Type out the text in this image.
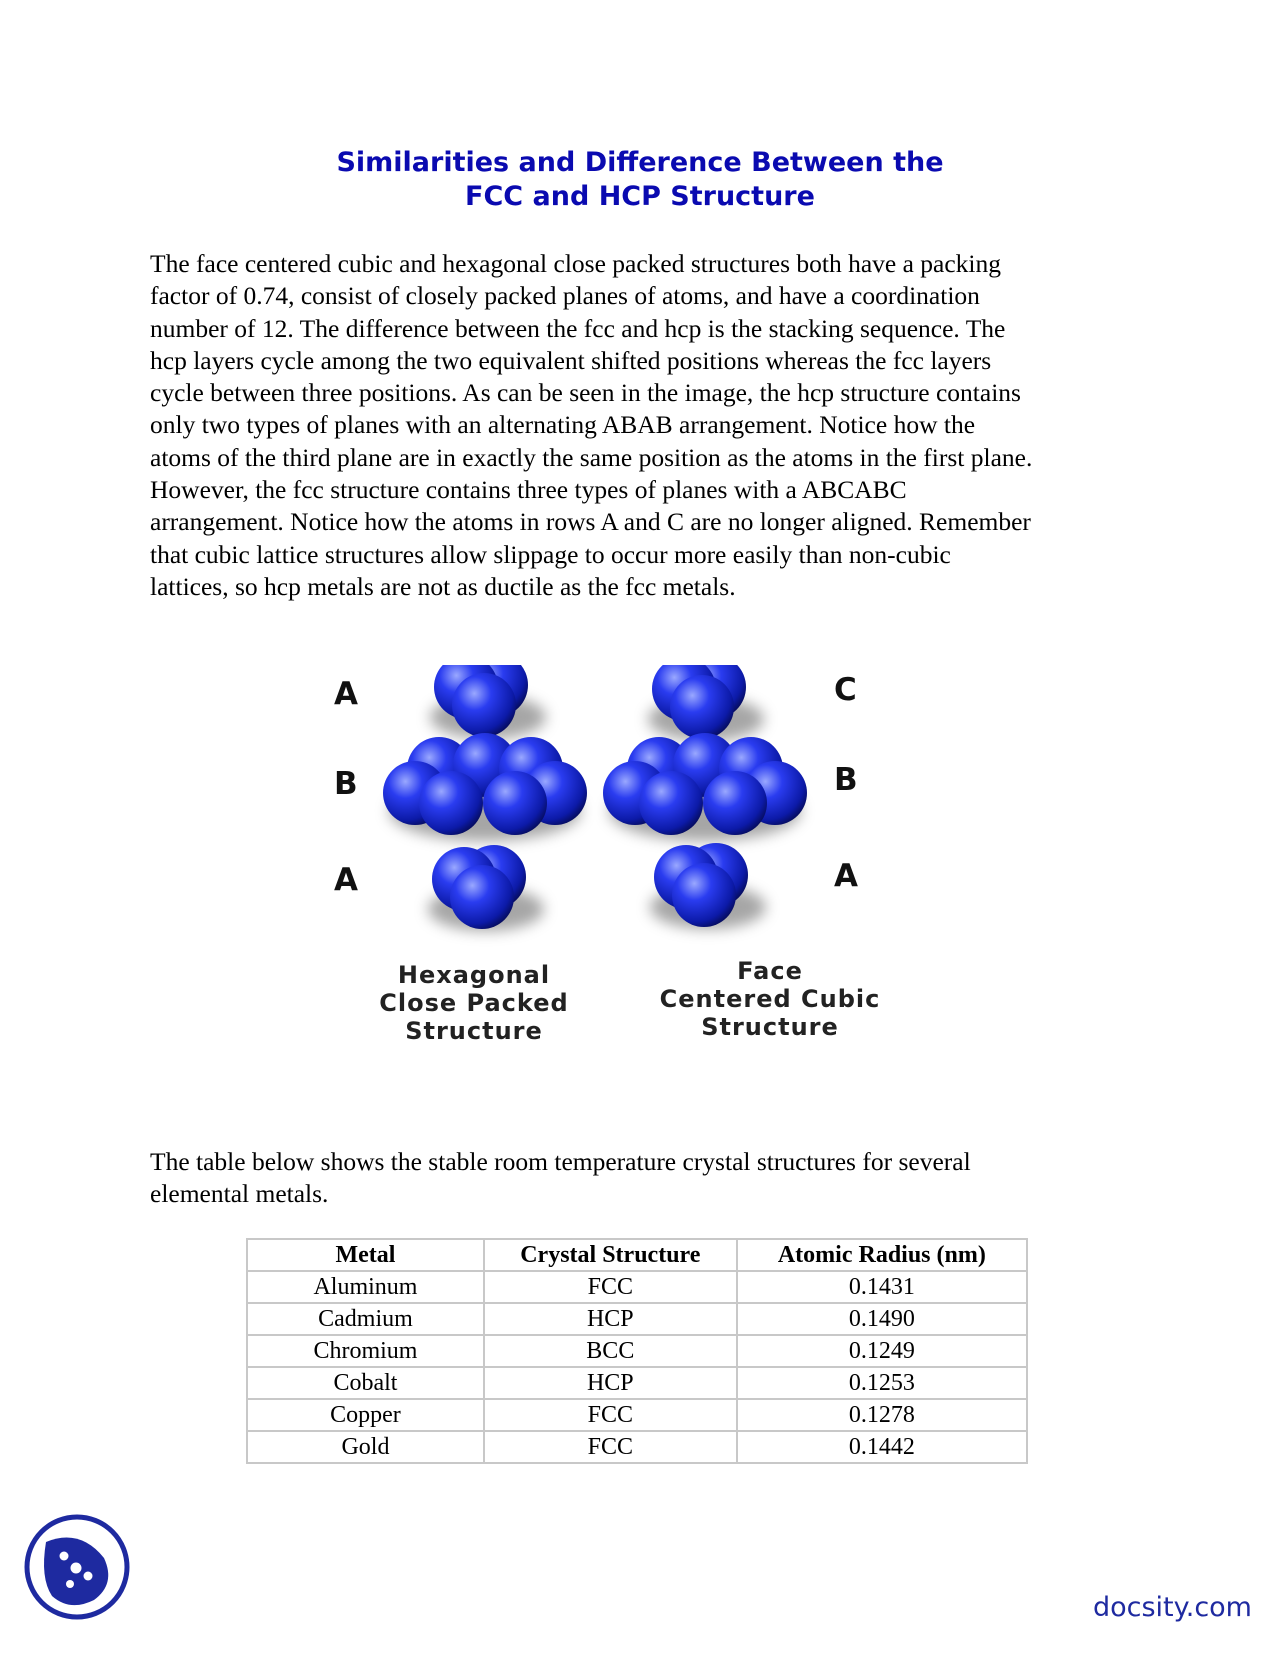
Similarities and Difference Between the
FCC and HCP Structure

The face centered cubic and hexagonal close packed structures both have a packing
factor of 0.74, consist of closely packed planes of atoms, and have a coordination
number of 12. The difference between the fcc and hcp is the stacking sequence. The
hcp layers cycle among the two equivalent shifted positions whereas the fcc layers
cycle between three positions. As can be seen in the image, the hcp structure contains
only two types of planes with an alternating ABAB arrangement. Notice how the
atoms of the third plane are in exactly the same position as the atoms in the first plane.
However, the fcc structure contains three types of planes with a ABCABC
arrangement. Notice how the atoms in rows A and C are no longer aligned. Remember
that cubic lattice structures allow slippage to occur more easily than non-cubic
lattices, so hcp metals are not as ductile as the fcc metals.

A
B
A
C
B
A
Hexagonal
Close Packed
Structure
Face
Centered Cubic
Structure

The table below shows the stable room temperature crystal structures for several
elemental metals.

Metal	Crystal Structure	Atomic Radius (nm)
Aluminum	FCC	0.1431
Cadmium	HCP	0.1490
Chromium	BCC	0.1249
Cobalt	HCP	0.1253
Copper	FCC	0.1278
Gold	FCC	0.1442
docsity.com
